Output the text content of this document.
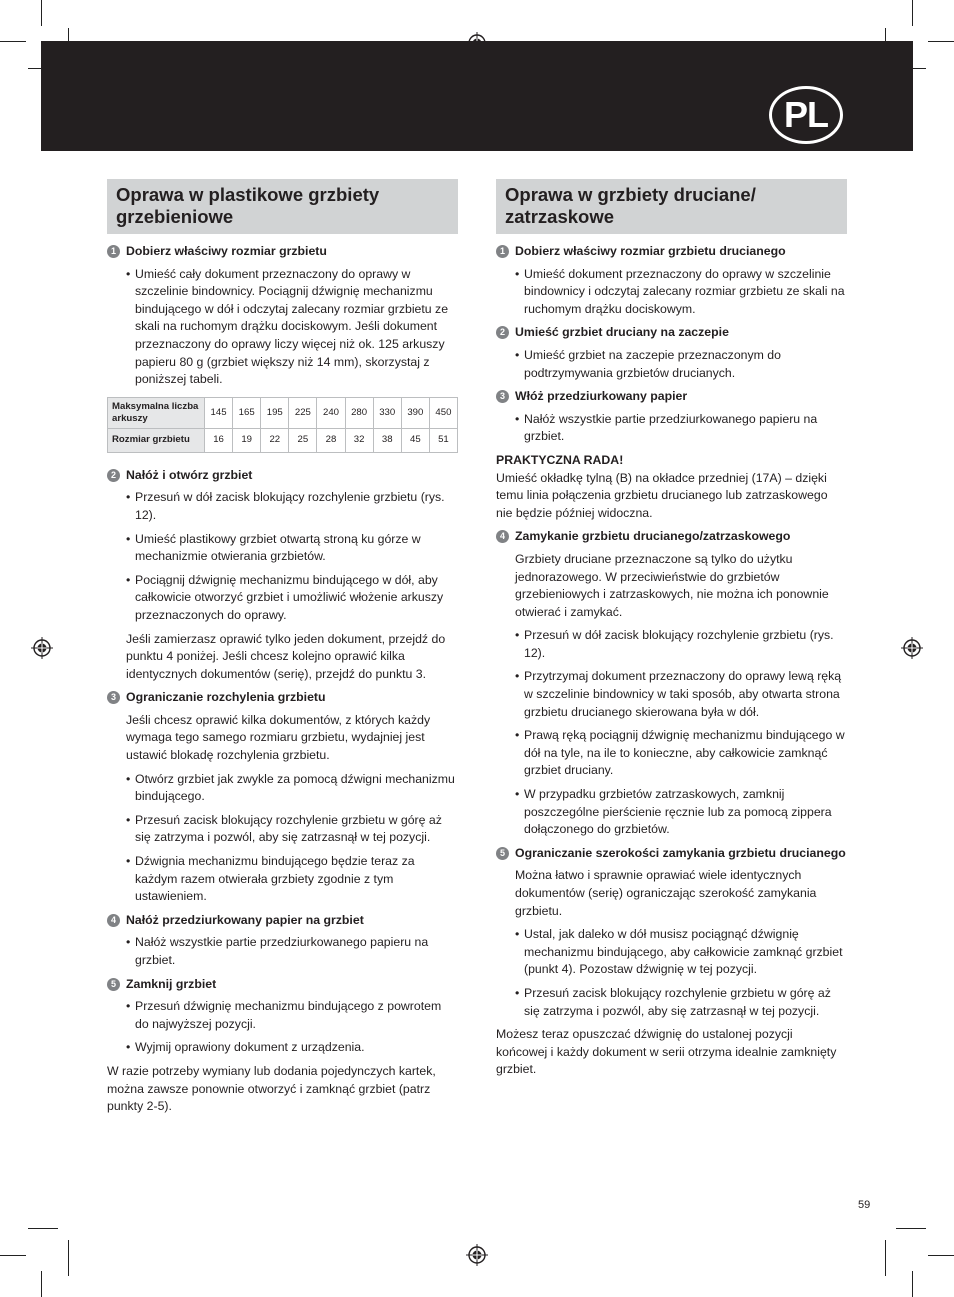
PL
Oprawa w plastikowe grzbiety grzebieniowe
1 Dobierz właściwy rozmiar grzbietu
• Umieść cały dokument przeznaczony do oprawy w szczelinie bindownicy. Pociągnij dźwignię mechanizmu bindującego w dół i odczytaj zalecany rozmiar grzbietu ze skali na ruchomym drążku dociskowym. Jeśli dokument przeznaczony do oprawy liczy więcej niż ok. 125 arkuszy papieru 80 g (grzbiet większy niż 14 mm), skorzystaj z poniższej tabeli.
Maksymalna liczba arkuszy	145	165	195	225	240	280	330	390	450
Rozmiar grzbietu	16	19	22	25	28	32	38	45	51
2 Nałóż i otwórz grzbiet
• Przesuń w dół zacisk blokujący rozchylenie grzbietu (rys. 12).
• Umieść plastikowy grzbiet otwartą stroną ku górze w mechanizmie otwierania grzbietów.
• Pociągnij dźwignię mechanizmu bindującego w dół, aby całkowicie otworzyć grzbiet i umożliwić włożenie arkuszy przeznaczonych do oprawy.
Jeśli zamierzasz oprawić tylko jeden dokument, przejdź do punktu 4 poniżej. Jeśli chcesz kolejno oprawić kilka identycznych dokumentów (serię), przejdź do punktu 3.
3 Ograniczanie rozchylenia grzbietu
Jeśli chcesz oprawić kilka dokumentów, z których każdy wymaga tego samego rozmiaru grzbietu, wydajniej jest ustawić blokadę rozchylenia grzbietu.
• Otwórz grzbiet jak zwykle za pomocą dźwigni mechanizmu bindującego.
• Przesuń zacisk blokujący rozchylenie grzbietu w górę aż się zatrzyma i pozwól, aby się zatrzasnął w tej pozycji.
• Dźwignia mechanizmu bindującego będzie teraz za każdym razem otwierała grzbiety zgodnie z tym ustawieniem.
4 Nałóż przedziurkowany papier na grzbiet
• Nałóż wszystkie partie przedziurkowanego papieru na grzbiet.
5 Zamknij grzbiet
• Przesuń dźwignię mechanizmu bindującego z powrotem do najwyższej pozycji.
• Wyjmij oprawiony dokument z urządzenia.
W razie potrzeby wymiany lub dodania pojedynczych kartek, można zawsze ponownie otworzyć i zamknąć grzbiet (patrz punkty 2-5).
Oprawa w grzbiety druciane/ zatrzaskowe
1 Dobierz właściwy rozmiar grzbietu drucianego
• Umieść dokument przeznaczony do oprawy w szczelinie bindownicy i odczytaj zalecany rozmiar grzbietu ze skali na ruchomym drążku dociskowym.
2 Umieść grzbiet druciany na zaczepie
• Umieść grzbiet na zaczepie przeznaczonym do podtrzymywania grzbietów drucianych.
3 Włóż przedziurkowany papier
• Nałóż wszystkie partie przedziurkowanego papieru na grzbiet.
PRAKTYCZNA RADA!
Umieść okładkę tylną (B) na okładce przedniej (17A) – dzięki temu linia połączenia grzbietu drucianego lub zatrzaskowego nie będzie później widoczna.
4 Zamykanie grzbietu drucianego/zatrzaskowego
Grzbiety druciane przeznaczone są tylko do użytku jednorazowego. W przeciwieństwie do grzbietów grzebieniowych i zatrzaskowych, nie można ich ponownie otwierać i zamykać.
• Przesuń w dół zacisk blokujący rozchylenie grzbietu (rys. 12).
• Przytrzymaj dokument przeznaczony do oprawy lewą ręką w szczelinie bindownicy w taki sposób, aby otwarta strona grzbietu drucianego skierowana była w dół.
• Prawą ręką pociągnij dźwignię mechanizmu bindującego w dół na tyle, na ile to konieczne, aby całkowicie zamknąć grzbiet druciany.
• W przypadku grzbietów zatrzaskowych, zamknij poszczególne pierścienie ręcznie lub za pomocą zippera dołączonego do grzbietów.
5 Ograniczanie szerokości zamykania grzbietu drucianego
Można łatwo i sprawnie oprawiać wiele identycznych dokumentów (serię) ograniczając szerokość zamykania grzbietu.
• Ustal, jak daleko w dół musisz pociągnąć dźwignię mechanizmu bindującego, aby całkowicie zamknąć grzbiet (punkt 4). Pozostaw dźwignię w tej pozycji.
• Przesuń zacisk blokujący rozchylenie grzbietu w górę aż się zatrzyma i pozwól, aby się zatrzasnął w tej pozycji.
Możesz teraz opuszczać dźwignię do ustalonej pozycji końcowej i każdy dokument w serii otrzyma idealnie zamknięty grzbiet.
59
